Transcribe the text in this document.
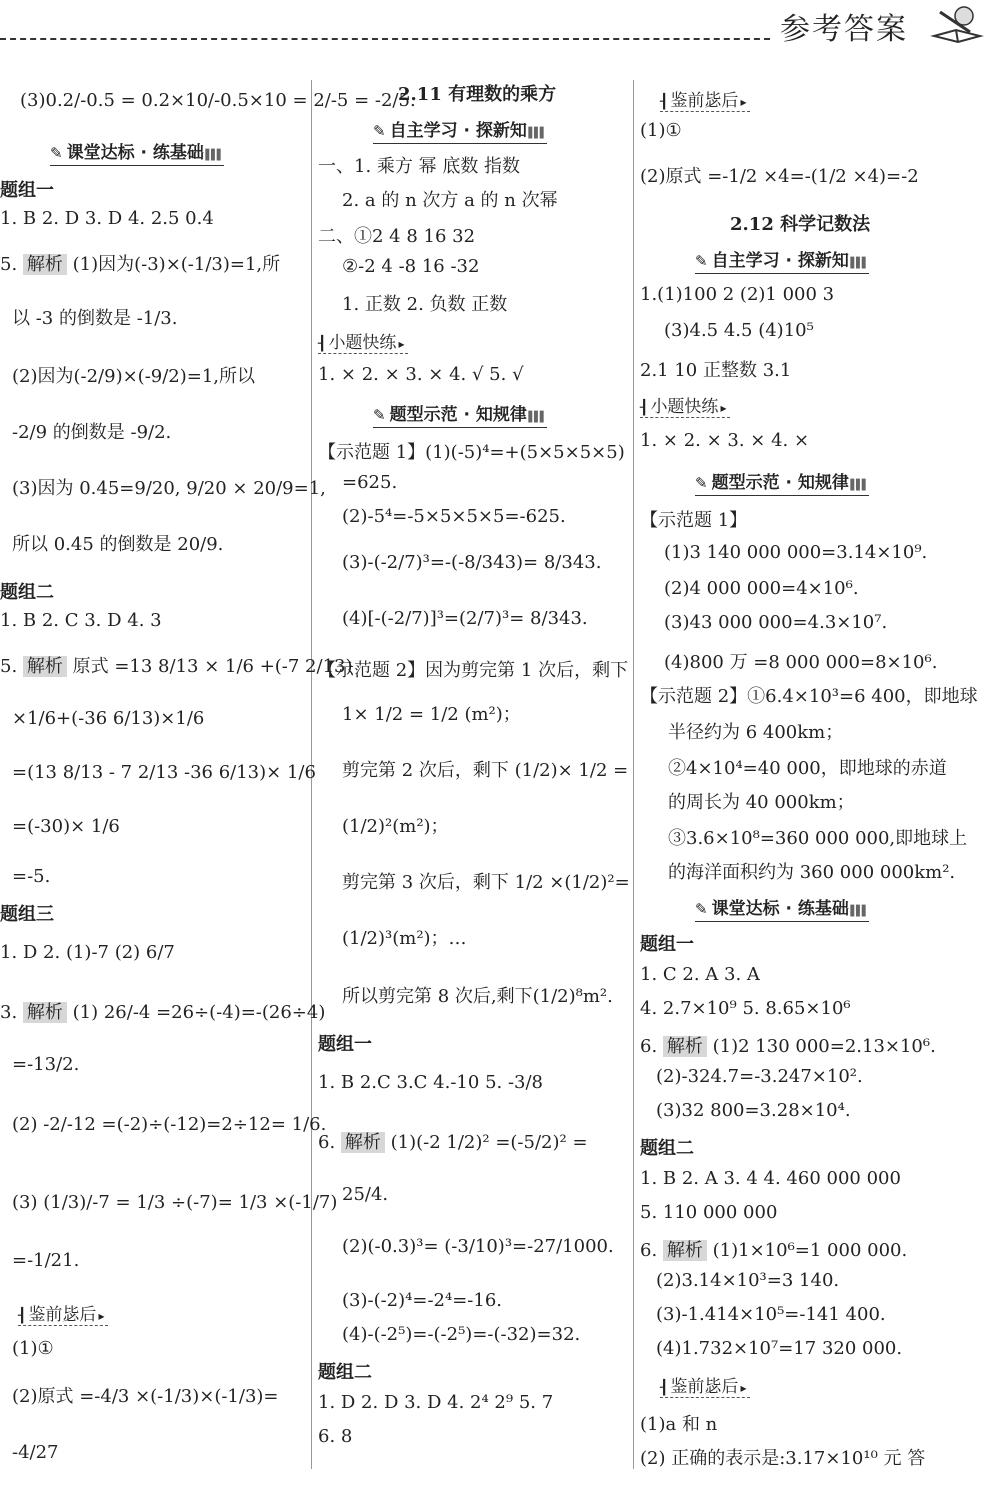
参考答案
(3)0.2/-0.5 = 0.2×10/-0.5×10 = 2/-5 = -2/5.
✎ 课堂达标 · 练基础 ▌▌▌
题组一
1. B 2. D 3. D 4. 2.5 0.4
5. 解析 (1)因为(-3)×(-1/3)=1,所
以 -3 的倒数是 -1/3.
(2)因为(-2/9)×(-9/2)=1,所以
-2/9 的倒数是 -9/2.
(3)因为 0.45=9/20, 9/20 × 20/9=1,
所以 0.45 的倒数是 20/9.
题组二
1. B 2. C 3. D 4. 3
5. 解析 原式 =13 8/13 × 1/6 +(-7 2/13)
×1/6+(-36 6/13)×1/6
=(13 8/13 - 7 2/13 -36 6/13)× 1/6
=(-30)× 1/6
=-5.
题组三
1. D 2. (1)-7 (2) 6/7
3. 解析 (1) 26/-4 =26÷(-4)=-(26÷4)
=-13/2.
(2) -2/-12 =(-2)÷(-12)=2÷12= 1/6.
(3) (1/3)/-7 = 1/3 ÷(-7)= 1/3 ×(-1/7)
=-1/21.
┨ 鉴前毖后 ▸
(1)①
(2)原式 =-4/3 ×(-1/3)×(-1/3)=
-4/27
2.11 有理数的乘方
✎ 自主学习 · 探新知 ▌▌▌
一、1. 乘方 幂 底数 指数
2. a 的 n 次方 a 的 n 次幂
二、①2 4 8 16 32
②-2 4 -8 16 -32
1. 正数 2. 负数 正数
┨ 小题快练 ▸
1. × 2. × 3. × 4. √ 5. √
✎ 题型示范 · 知规律 ▌▌▌
【示范题 1】(1)(-5)⁴=+(5×5×5×5)
=625.
(2)-5⁴=-5×5×5×5=-625.
(3)-(-2/7)³=-(-8/343)= 8/343.
(4)[-(-2/7)]³=(2/7)³= 8/343.
【示范题 2】因为剪完第 1 次后，剩下
1× 1/2 = 1/2 (m²)；
剪完第 2 次后，剩下 (1/2)× 1/2 =
(1/2)²(m²)；
剪完第 3 次后，剩下 1/2 ×(1/2)²=
(1/2)³(m²)；…
所以剪完第 8 次后,剩下(1/2)⁸m².
题组一
1. B 2.C 3.C 4.-10 5. -3/8
6. 解析 (1)(-2 1/2)² =(-5/2)² =
25/4.
(2)(-0.3)³= (-3/10)³=-27/1000.
(3)-(-2)⁴=-2⁴=-16.
(4)-(-2⁵)=-(-2⁵)=-(-32)=32.
题组二
1. D 2. D 3. D 4. 2⁴ 2⁹ 5. 7
6. 8
┨ 鉴前毖后 ▸
(1)①
(2)原式 =-1/2 ×4=-(1/2 ×4)=-2
2.12 科学记数法
✎ 自主学习 · 探新知 ▌▌▌
1.(1)100 2 (2)1 000 3
(3)4.5 4.5 (4)10⁵
2.1 10 正整数 3.1
┨ 小题快练 ▸
1. × 2. × 3. × 4. ×
✎ 题型示范 · 知规律 ▌▌▌
【示范题 1】
(1)3 140 000 000=3.14×10⁹.
(2)4 000 000=4×10⁶.
(3)43 000 000=4.3×10⁷.
(4)800 万 =8 000 000=8×10⁶.
【示范题 2】①6.4×10³=6 400，即地球
半径约为 6 400km；
②4×10⁴=40 000，即地球的赤道
的周长为 40 000km；
③3.6×10⁸=360 000 000,即地球上
的海洋面积约为 360 000 000km².
✎ 课堂达标 · 练基础 ▌▌▌
题组一
1. C 2. A 3. A
4. 2.7×10⁹ 5. 8.65×10⁶
6. 解析 (1)2 130 000=2.13×10⁶.
(2)-324.7=-3.247×10².
(3)32 800=3.28×10⁴.
题组二
1. B 2. A 3. 4 4. 460 000 000
5. 110 000 000
6. 解析 (1)1×10⁶=1 000 000.
(2)3.14×10³=3 140.
(3)-1.414×10⁵=-141 400.
(4)1.732×10⁷=17 320 000.
┨ 鉴前毖后 ▸
(1)a 和 n
(2) 正确的表示是:3.17×10¹⁰ 元 答
